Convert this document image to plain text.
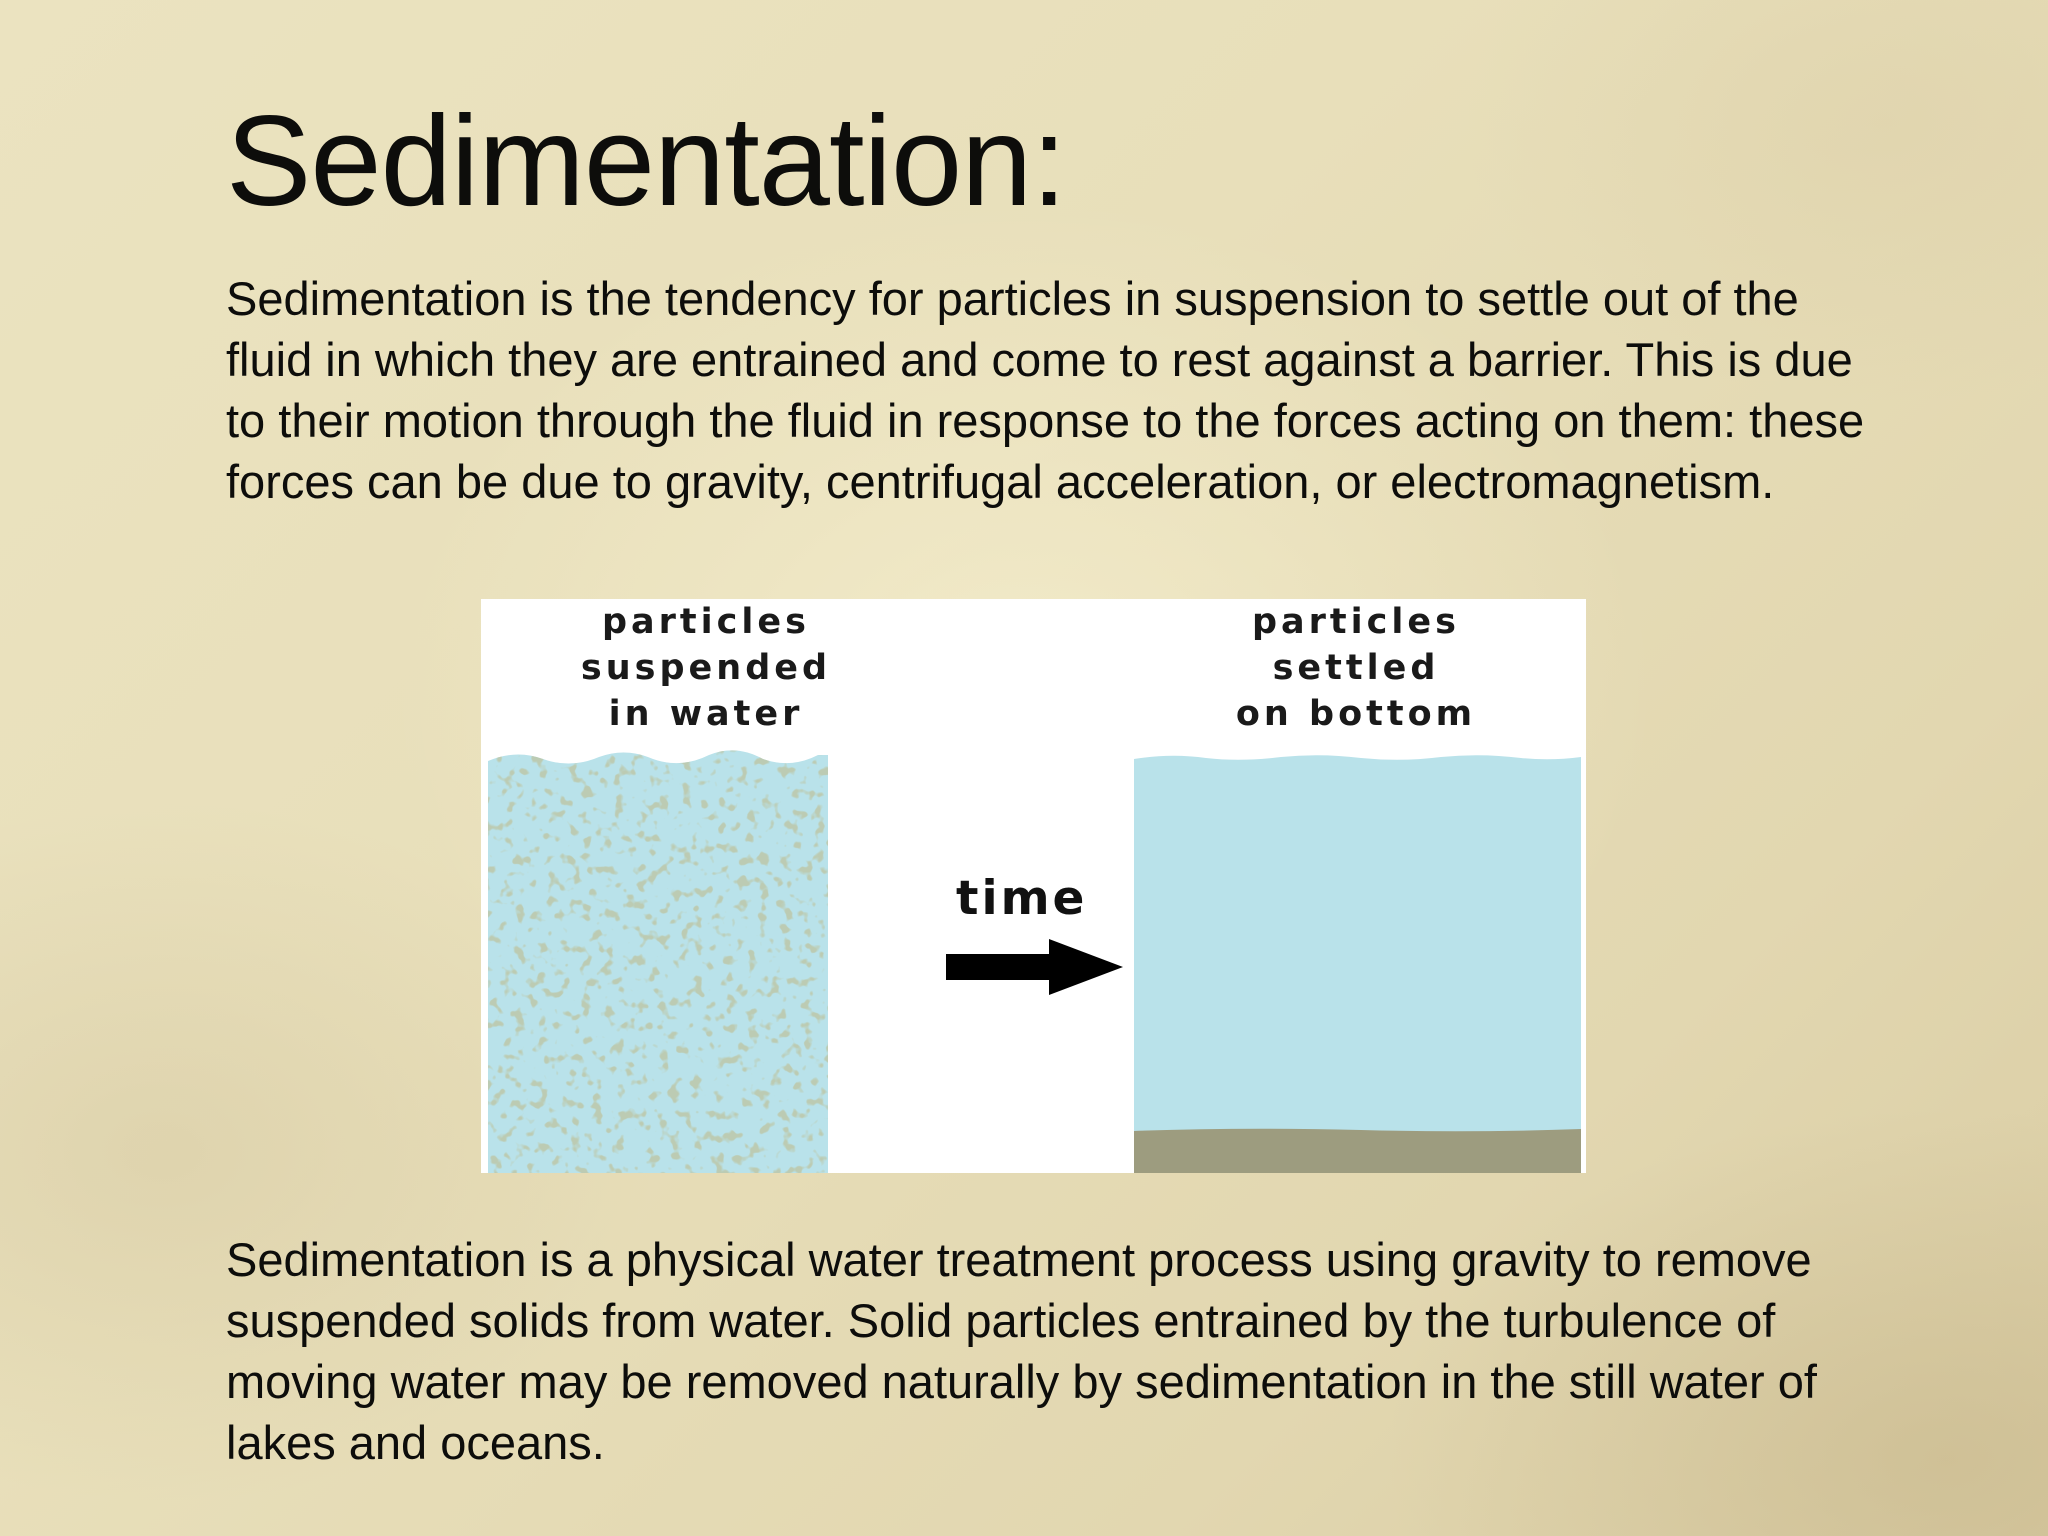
Sedimentation:

Sedimentation is the tendency for particles in suspension to settle out of the fluid in which they are entrained and come to rest against a barrier. This is due to their motion through the fluid in response to the forces acting on them: these forces can be due to gravity, centrifugal acceleration, or electromagnetism.

particles
suspended
in water
particles
settled
on bottom
time

Sedimentation is a physical water treatment process using gravity to remove suspended solids from water. Solid particles entrained by the turbulence of moving water may be removed naturally by sedimentation in the still water of lakes and oceans.
